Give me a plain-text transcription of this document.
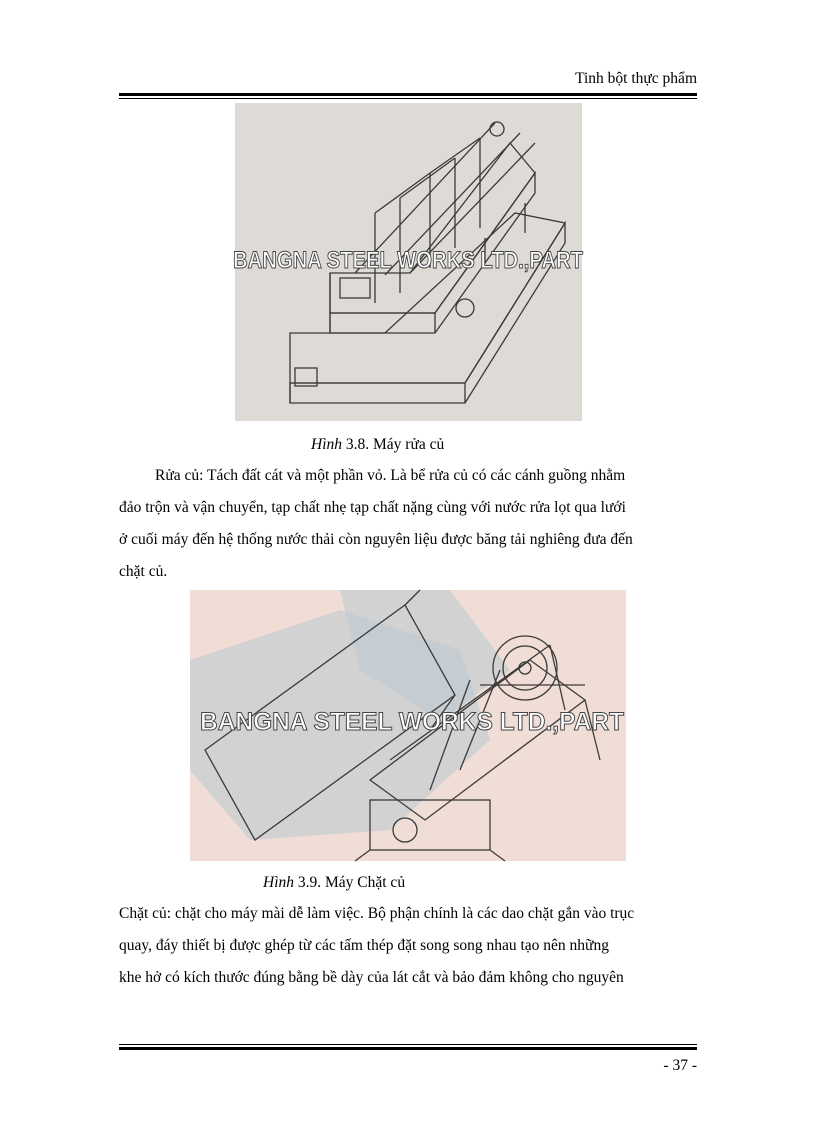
Tinh bột thực phẩm
BANGNA STEEL WORKS LTD.,PART
Hình 3.8. Máy rửa củ
Rửa củ: Tách đất cát và một phần vỏ. Là bể rửa củ có các cánh guồng nhằm
đảo trộn và vận chuyển, tạp chất nhẹ tạp chất nặng cùng với nước rửa lọt qua lưới
ở cuối máy đến hệ thống nước thải còn nguyên liệu được băng tải nghiêng đưa đến
chặt củ.
BANGNA STEEL WORKS LTD.,PART
Hình 3.9. Máy Chặt củ
Chặt củ: chặt cho máy mài dễ làm việc. Bộ phận chính là các dao chặt gắn vào trục
quay, đáy thiết bị được ghép từ các tấm thép đặt song song nhau tạo nên những
khe hở có kích thước đúng bằng bề dày của lát cắt và bảo đảm không cho nguyên
- 37 -
